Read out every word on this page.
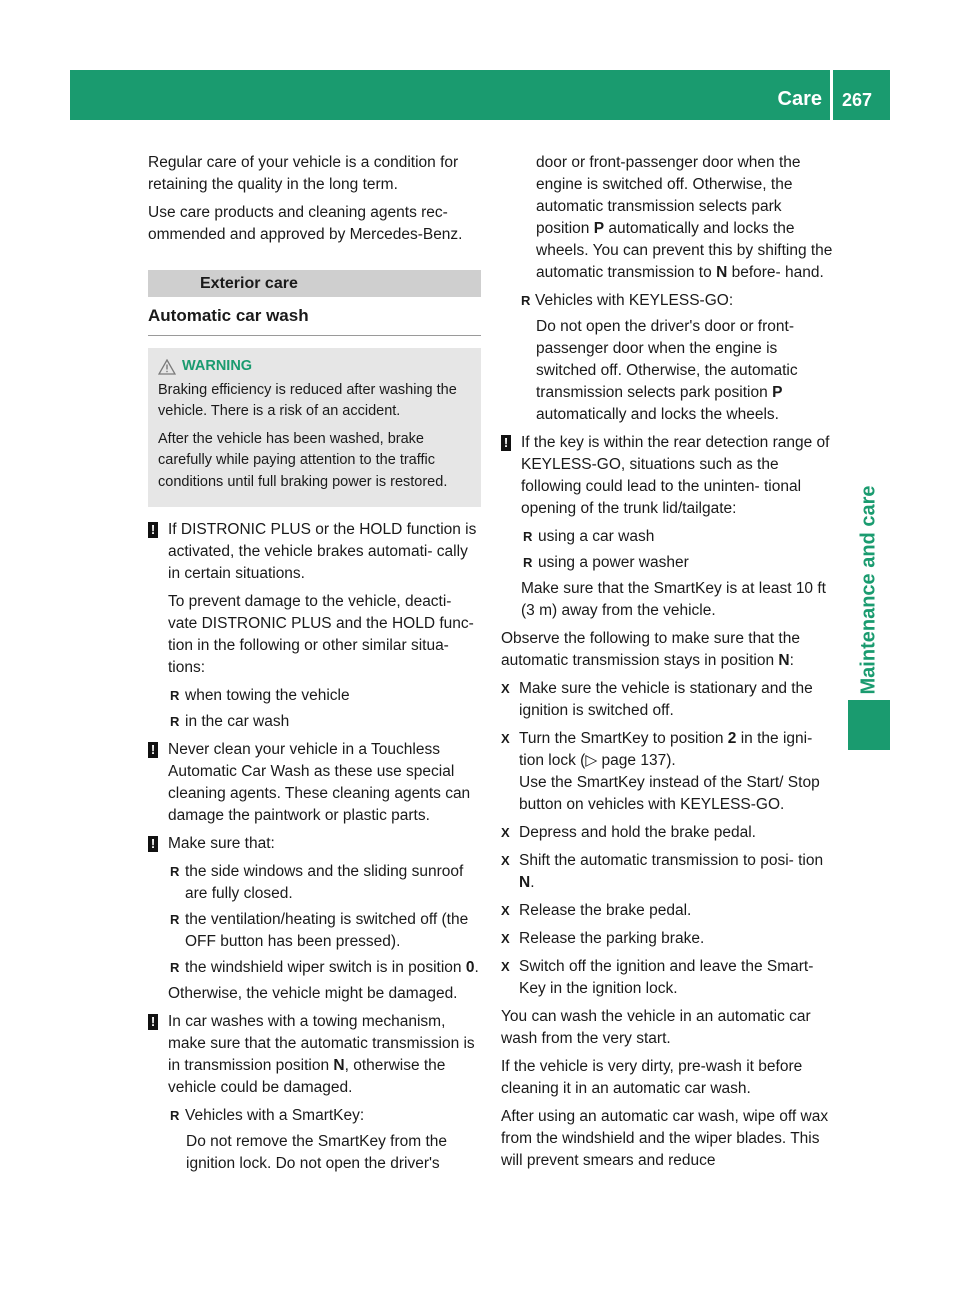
Care 267
Maintenance and care

Regular care of your vehicle is a condition for retaining the quality in the long term.

Use care products and cleaning agents rec- ommended and approved by Mercedes-Benz.

Exterior care
Automatic car wash
WARNING

Braking efficiency is reduced after washing the vehicle. There is a risk of an accident.

After the vehicle has been washed, brake carefully while paying attention to the traffic conditions until full braking power is restored.

! If DISTRONIC PLUS or the HOLD function is activated, the vehicle brakes automati- cally in certain situations.

To prevent damage to the vehicle, deacti- vate DISTRONIC PLUS and the HOLD func- tion in the following or other similar situa- tions:

R when towing the vehicle
R in the car wash
! Never clean your vehicle in a Touchless Automatic Car Wash as these use special cleaning agents. These cleaning agents can damage the paintwork or plastic parts.

! Make sure that:

R the side windows and the sliding sunroof are fully closed.
R the ventilation/heating is switched off (the OFF button has been pressed).
R the windshield wiper switch is in position 0.

Otherwise, the vehicle might be damaged.

! In car washes with a towing mechanism, make sure that the automatic transmission is in transmission position N, otherwise the vehicle could be damaged.

R Vehicles with a SmartKey:

Do not remove the SmartKey from the ignition lock. Do not open the driver's

door or front-passenger door when the engine is switched off. Otherwise, the automatic transmission selects park position P automatically and locks the wheels. You can prevent this by shifting the automatic transmission to N before- hand.

R Vehicles with KEYLESS-GO:

Do not open the driver's door or front- passenger door when the engine is switched off. Otherwise, the automatic transmission selects park position P automatically and locks the wheels.

! If the key is within the rear detection range of KEYLESS-GO, situations such as the following could lead to the uninten- tional opening of the trunk lid/tailgate:

R using a car wash
R using a power washer

Make sure that the SmartKey is at least 10 ft (3 m) away from the vehicle.

Observe the following to make sure that the automatic transmission stays in position N:

X Make sure the vehicle is stationary and the ignition is switched off.
X Turn the SmartKey to position 2 in the igni- tion lock (▷ page 137).
Use the SmartKey instead of the Start/ Stop button on vehicles with KEYLESS-GO.
X Depress and hold the brake pedal.
X Shift the automatic transmission to posi- tion N.
X Release the brake pedal.
X Release the parking brake.
X Switch off the ignition and leave the Smart- Key in the ignition lock.

You can wash the vehicle in an automatic car wash from the very start.

If the vehicle is very dirty, pre-wash it before cleaning it in an automatic car wash.

After using an automatic car wash, wipe off wax from the windshield and the wiper blades. This will prevent smears and reduce
